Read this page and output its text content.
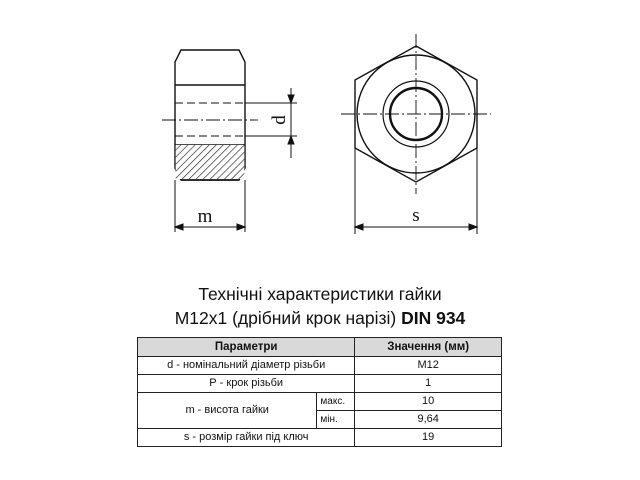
d
m	s
Технічні характеристики гайки
М12х1 (дрібний крок нарізі) DIN 934
Параметри		Значення (мм)
d - номінальний діаметр різьби		М12
Р - крок різьби		1
m - висота гайки	макс.	10
	мін.	9,64
s - розмір гайки під ключ		19
